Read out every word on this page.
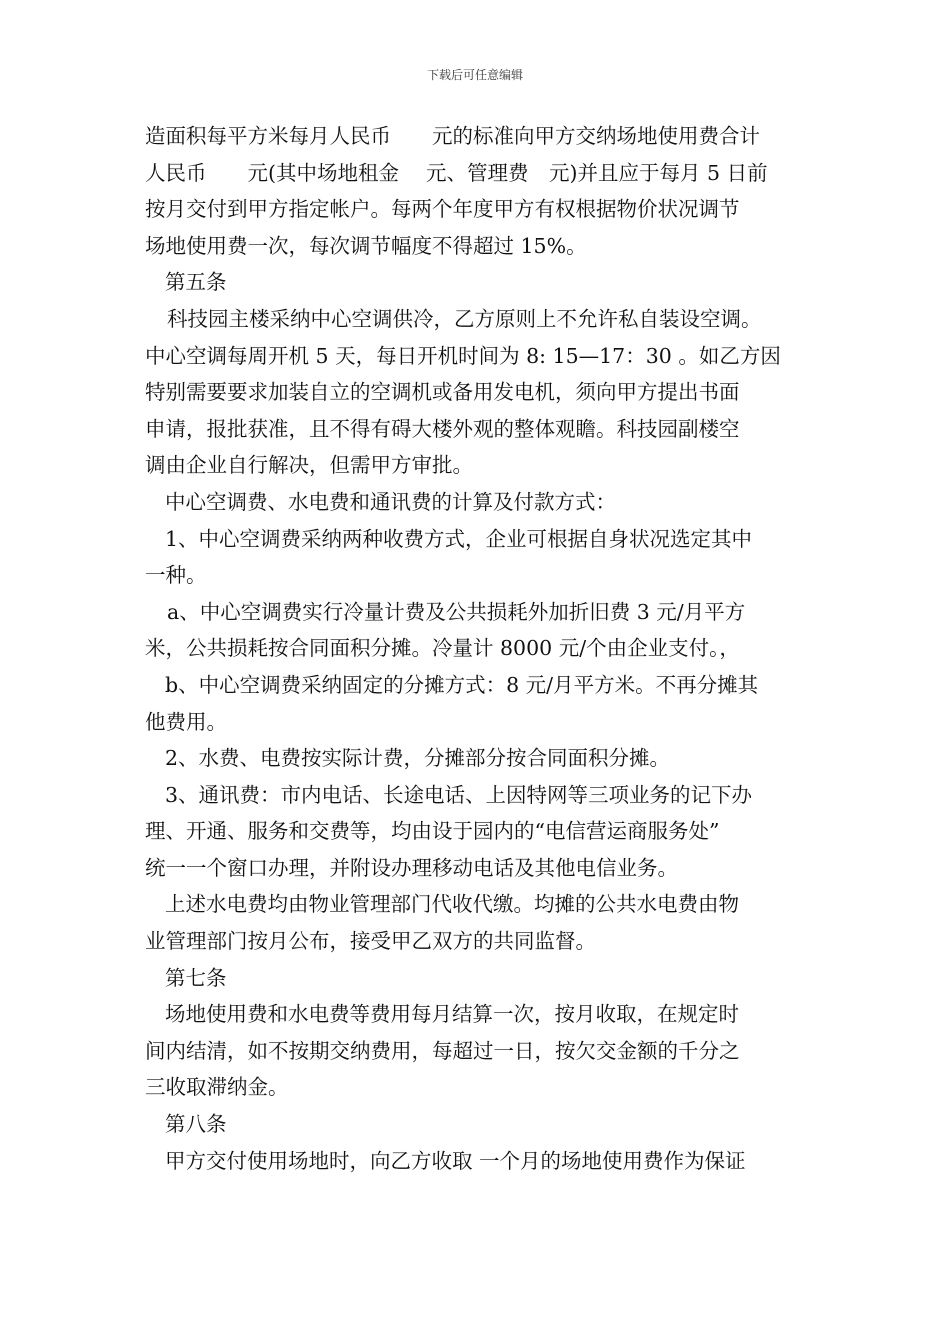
下载后可任意编辑
造面积每平方米每月人民币　　元的标准向甲方交纳场地使用费合计
人民币　　元(其中场地租金　 元、管理费　元)并且应于每月 5 日前
按月交付到甲方指定帐户。每两个年度甲方有权根据物价状况调节
场地使用费一次，每次调节幅度不得超过 15%。
第五条
科技园主楼采纳中心空调供冷，乙方原则上不允许私自装设空调。
中心空调每周开机 5 天，每日开机时间为 8: 15—17：30 。如乙方因
特别需要要求加装自立的空调机或备用发电机，须向甲方提出书面
申请，报批获准，且不得有碍大楼外观的整体观瞻。科技园副楼空
调由企业自行解决，但需甲方审批。
中心空调费、水电费和通讯费的计算及付款方式：
1、中心空调费采纳两种收费方式，企业可根据自身状况选定其中
一种。
a、中心空调费实行冷量计费及公共损耗外加折旧费 3 元/月平方
米，公共损耗按合同面积分摊。冷量计 8000 元/个由企业支付。，
b、中心空调费采纳固定的分摊方式：8 元/月平方米。不再分摊其
他费用。
2、水费、电费按实际计费，分摊部分按合同面积分摊。
3、通讯费：市内电话、长途电话、上因特网等三项业务的记下办
理、开通、服务和交费等，均由设于园内的“电信营运商服务处”
统一一个窗口办理，并附设办理移动电话及其他电信业务。
上述水电费均由物业管理部门代收代缴。均摊的公共水电费由物
业管理部门按月公布，接受甲乙双方的共同监督。
第七条
场地使用费和水电费等费用每月结算一次，按月收取，在规定时
间内结清，如不按期交纳费用，每超过一日，按欠交金额的千分之
三收取滞纳金。
第八条
甲方交付使用场地时，向乙方收取 一个月的场地使用费作为保证
